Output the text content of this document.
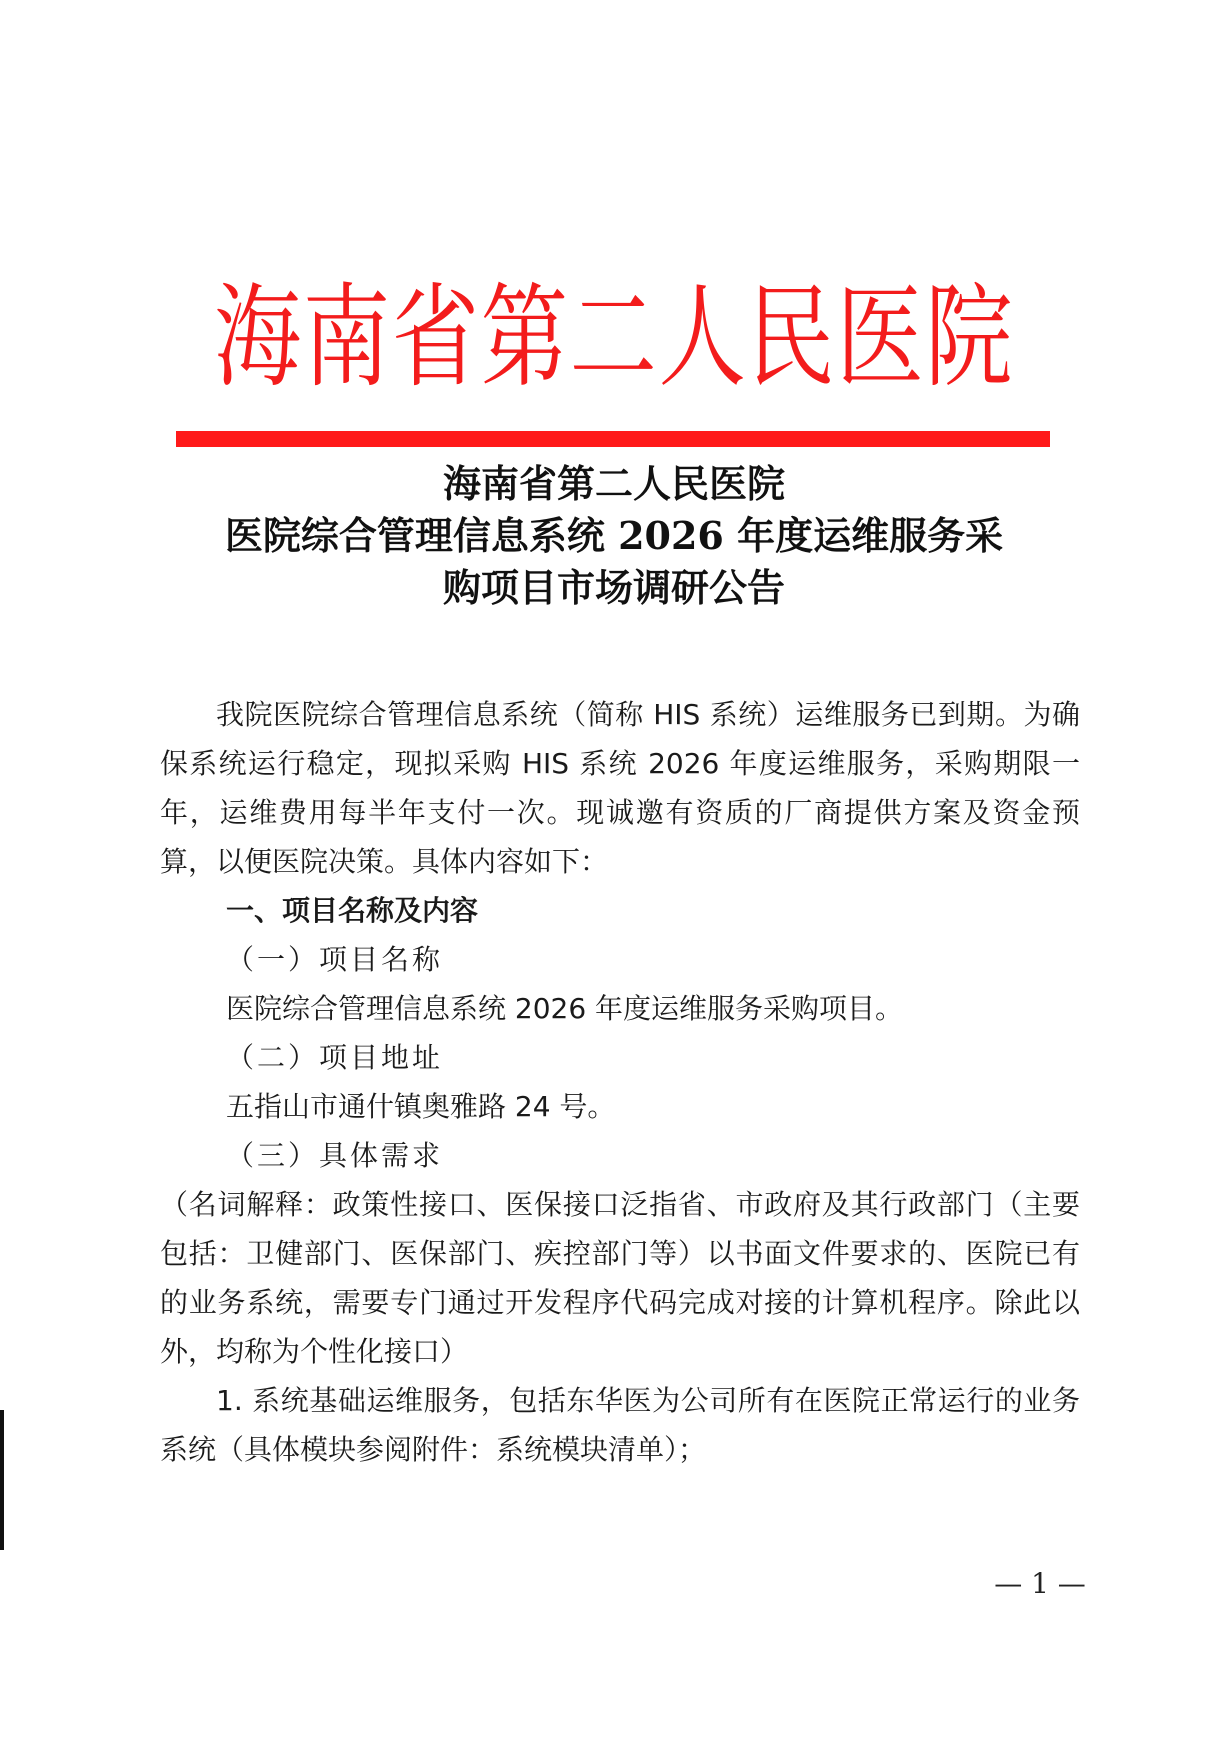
海南省第二人民医院
海南省第二人民医院
医院综合管理信息系统 2026 年度运维服务采
购项目市场调研公告

我院医院综合管理信息系统（简称 HIS 系统）运维服务已到期。为确保系统运行稳定，现拟采购 HIS 系统 2026 年度运维服务，采购期限一年，运维费用每半年支付一次。现诚邀有资质的厂商提供方案及资金预算，以便医院决策。具体内容如下：

一、项目名称及内容

（一）项目名称

医院综合管理信息系统 2026 年度运维服务采购项目。

（二）项目地址

五指山市通什镇奥雅路 24 号。

（三）具体需求

（名词解释：政策性接口、医保接口泛指省、市政府及其行政部门（主要包括：卫健部门、医保部门、疾控部门等）以书面文件要求的、医院已有的业务系统，需要专门通过开发程序代码完成对接的计算机程序。除此以外，均称为个性化接口）

1. 系统基础运维服务，包括东华医为公司所有在医院正常运行的业务系统（具体模块参阅附件：系统模块清单）；

— 1 —
